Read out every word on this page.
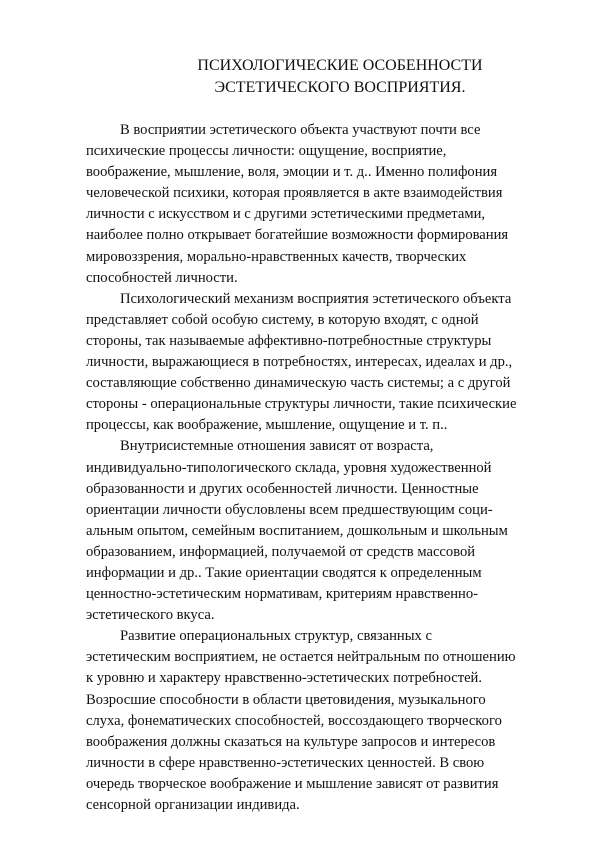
ПСИХОЛОГИЧЕСКИЕ ОСОБЕННОСТИ
ЭСТЕТИЧЕСКОГО ВОСПРИЯТИЯ.
В восприятии эстетического объекта участвуют почти все
психические процессы личности: ощущение, восприятие,
воображение, мышление, воля, эмоции и т. д.. Именно полифония
человеческой психики, которая проявляется в акте взаимодействия
личности с искусством и с другими эстетическими предметами,
наиболее полно открывает богатейшие возможности формирования
мировоззрения, морально-нравственных качеств, творческих
способностей личности.
Психологический механизм восприятия эстетического объекта
представляет собой особую систему, в которую входят, с одной
стороны, так называемые аффективно-потребностные структуры
личности, выражающиеся в потребностях, интересах, идеалах и др.,
составляющие собственно динамическую часть системы; а с другой
стороны - операциональные структуры личности, такие психические
процессы, как воображение, мышление, ощущение и т. п..
Внутрисистемные отношения зависят от возраста,
индивидуально-типологического склада, уровня художественной
образованности и других особенностей личности. Ценностные
ориентации личности обусловлены всем предшествующим соци-
альным опытом, семейным воспитанием, дошкольным и школьным
образованием, информацией, получаемой от средств массовой
информации и др.. Такие ориентации сводятся к определенным
ценностно-эстетическим нормативам, критериям нравственно-
эстетического вкуса.
Развитие операциональных структур, связанных с
эстетическим восприятием, не остается нейтральным по отношению
к уровню и характеру нравственно-эстетических потребностей.
Возросшие способности в области цветовидения, музыкального
слуха, фонематических способностей, воссоздающего творческого
воображения должны сказаться на культуре запросов и интересов
личности в сфере нравственно-эстетических ценностей. В свою
очередь творческое воображение и мышление зависят от развития
сенсорной организации индивида.
